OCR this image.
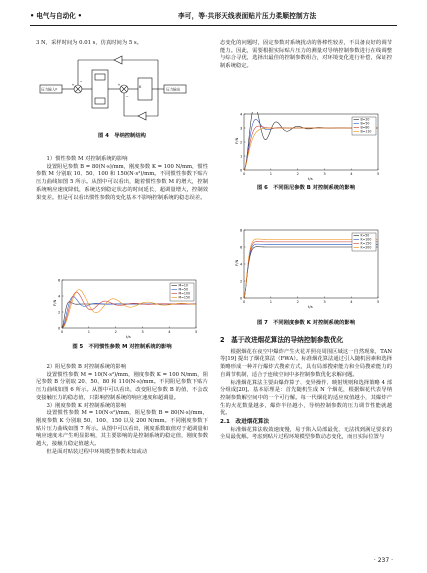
• 电气与自动化 •	李可，等·共形天线表面贴片压力柔顺控制方法

3 N，采样时间为 0.01 s，仿真时间为 5 s。

压力输入F	压力输出
+
−
+
−
K
图 4　导纳控制结构

1）惯性参数 M 对控制系统的影响

设置阻尼参数 B = 80(N·s)/mm，刚度参数 K = 100 N/mm，惯性参数 M 分别取 10、50、100 和 150(N·s²)/mm。不同惯性参数下贴片压力曲线如图 5 所示。从图中可以看出，随着惯性参数 M 的增大，控制系统响应速度降低，系统达到稳定状态的时间延长，超调量增大，控制效果变差。但是可以看出惯性参数的变化基本不影响控制系统的稳态误差。

0	1	2	3	4	5
6
4
2
0
F/N
t/s
M=10
M=50
M=100
M=150
图 5　不同惯性参数 M 对控制系统的影响

2）阻尼参数 B 对控制系统的影响

设置惯性参数 M = 10(N·s²)/mm，刚度参数 K = 100 N/mm，阻尼参数 B 分别取 20、50、80 和 110(N·s)/mm。不同阻尼参数下贴片压力曲线如图 6 所示。从图中可以看出，改变阻尼参数 B 的值，不会改变接触压力的稳态值，只影响控制系统的响应速度和超调量。

3）刚度参数 K 对控制系统的影响

设置惯性参数 M = 10(N·s²)/mm，阻尼参数 B = 80(N·s)/mm，刚度参数 K 分别取 50、100、150 以及 200 N/mm。不同刚度参数下贴片压力曲线如图 7 所示。从图中可以看出，刚度系数取值对于超调量和响应速度未产生明显影响，其主要影响的是控制系统的稳定值，刚度参数越大，接触力稳定值越大。

但是面对贴装过程中环境模型参数未知或动

态变化的问题时，固定参数对系统扰动的鲁棒性较差，不具备良好的调节能力。因此，需要根据实际贴片压力的测量对导纳控制参数进行在线调整与综合寻优，选择出最佳的控制参数组合，对环境变化进行补偿，保证控制系统稳定。

0	1	2	3	4	5
4
3
2
1
0
F/N
t/s
B=20
B=50
B=80
B=110
图 6　不同阻尼参数 B 对控制系统的影响
0	1	2	3	4	5
8
6
4
2
0
F/N
t/s
K=50
K=100
K=150
K=200
图 7　不同刚度参数 K 对控制系统的影响
2　基于改进烟花算法的导纳控制参数优化

根据烟花在夜空中爆炸产生火花并照亮周围区域这一自然现象，TAN 等[19] 提出了烟花算法（FWA）。标准烟花算法通过引入随机因素和选择策略形成一种并行爆炸式搜索方式，具有局部搜索能力和全局搜索能力的自调节机制，适合于连续空间中多控制参数优化求解问题。

标准烟花算法主要由爆炸算子、变异操作、映射规则和选择策略 4 部分组成[20]。基本原理是：首先随机生成 N 个烟花，根据烟花代表导纳控制参数解空间中的一个可行解。每一代烟花的适应度值越小，其爆炸产生的火花数量越多，爆炸半径越小，导纳控制参数的压力调节性能就越优。

2.1　改进烟花算法

标准烟花算法收敛速度慢，易于陷入局部最优，无法找到满足要求的全局最优解。考虑到贴片过程环境模型参数动态变化，而且实际位置与

· 237 ·
